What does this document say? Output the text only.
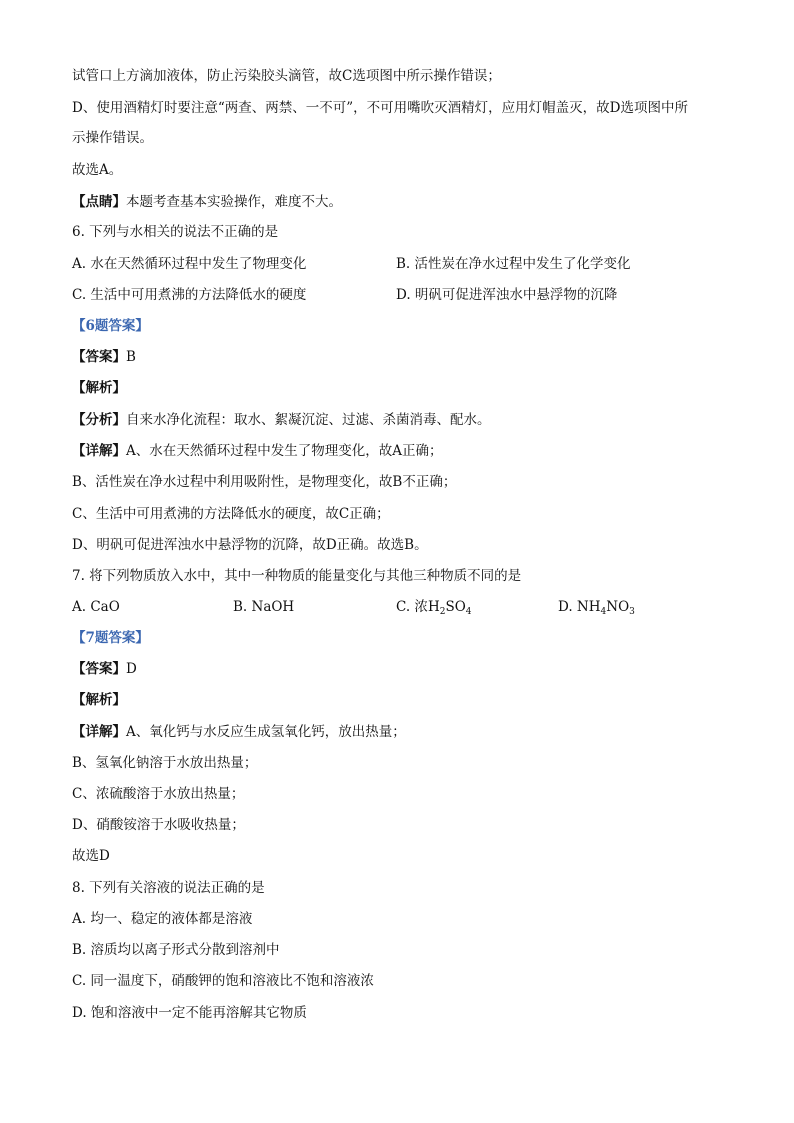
试管口上方滴加液体，防止污染胶头滴管，故C选项图中所示操作错误；
D、使用酒精灯时要注意“两查、两禁、一不可”，不可用嘴吹灭酒精灯，应用灯帽盖灭，故D选项图中所
示操作错误。
故选A。
【点睛】本题考查基本实验操作，难度不大。
6. 下列与水相关的说法不正确的是
A. 水在天然循环过程中发生了物理变化	B. 活性炭在净水过程中发生了化学变化
C. 生活中可用煮沸的方法降低水的硬度	D. 明矾可促进浑浊水中悬浮物的沉降
【6题答案】
【答案】B
【解析】
【分析】自来水净化流程：取水、絮凝沉淀、过滤、杀菌消毒、配水。
【详解】A、水在天然循环过程中发生了物理变化，故A正确；
B、活性炭在净水过程中利用吸附性，是物理变化，故B不正确；
C、生活中可用煮沸的方法降低水的硬度，故C正确；
D、明矾可促进浑浊水中悬浮物的沉降，故D正确。故选B。
7. 将下列物质放入水中，其中一种物质的能量变化与其他三种物质不同的是
A. CaO	B. NaOH	C. 浓$H_2SO_4$	D. $NH_4NO_3$
【7题答案】
【答案】D
【解析】
【详解】A、氧化钙与水反应生成氢氧化钙，放出热量；
B、氢氧化钠溶于水放出热量；
C、浓硫酸溶于水放出热量；
D、硝酸铵溶于水吸收热量；
故选D
8. 下列有关溶液的说法正确的是
A. 均一、稳定的液体都是溶液
B. 溶质均以离子形式分散到溶剂中
C. 同一温度下，硝酸钾的饱和溶液比不饱和溶液浓
D. 饱和溶液中一定不能再溶解其它物质
